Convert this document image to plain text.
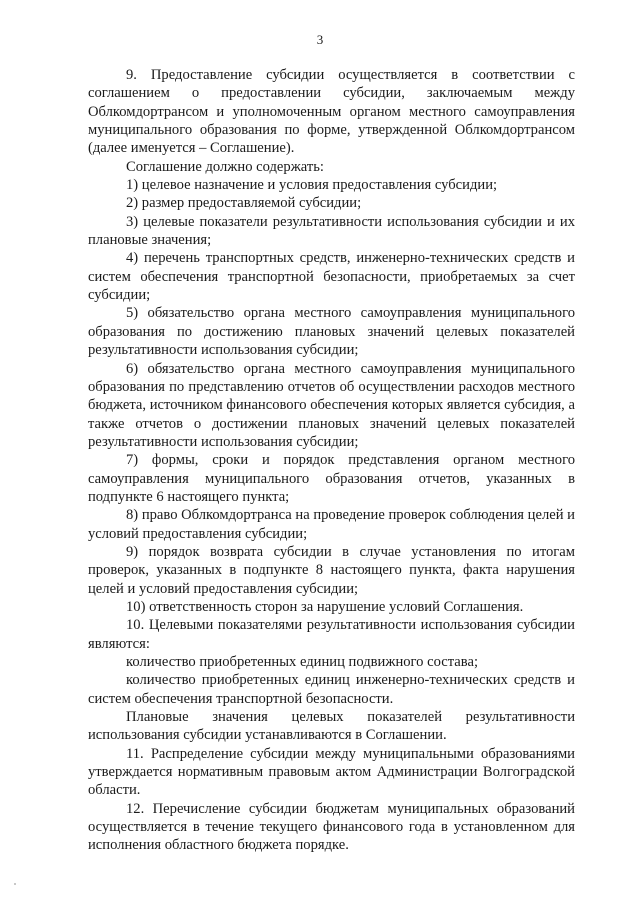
3

9. Предоставление субсидии осуществляется в соответствии с соглашением о предоставлении субсидии, заключаемым между Облкомдортрансом и уполномоченным органом местного самоуправления муниципального образования по форме, утвержденной Облкомдортрансом (далее именуется – Соглашение).

Соглашение должно содержать:

1) целевое назначение и условия предоставления субсидии;

2) размер предоставляемой субсидии;

3) целевые показатели результативности использования субсидии и их плановые значения;

4) перечень транспортных средств, инженерно-технических средств и систем обеспечения транспортной безопасности, приобретаемых за счет субсидии;

5) обязательство органа местного самоуправления муниципального образования по достижению плановых значений целевых показателей результативности использования субсидии;

6) обязательство органа местного самоуправления муниципального образования по представлению отчетов об осуществлении расходов местного бюджета, источником финансового обеспечения которых является субсидия, а также отчетов о достижении плановых значений целевых показателей результативности использования субсидии;

7) формы, сроки и порядок представления органом местного самоуправления муниципального образования отчетов, указанных в подпункте 6 настоящего пункта;

8) право Облкомдортранса на проведение проверок соблюдения целей и условий предоставления субсидии;

9) порядок возврата субсидии в случае установления по итогам проверок, указанных в подпункте 8 настоящего пункта, факта нарушения целей и условий предоставления субсидии;

10) ответственность сторон за нарушение условий Соглашения.

10. Целевыми показателями результативности использования субсидии являются:

количество приобретенных единиц подвижного состава;

количество приобретенных единиц инженерно-технических средств и систем обеспечения транспортной безопасности.

Плановые значения целевых показателей результативности использования субсидии устанавливаются в Соглашении.

11. Распределение субсидии между муниципальными образованиями утверждается нормативным правовым актом Администрации Волгоградской области.

12. Перечисление субсидии бюджетам муниципальных образований осуществляется в течение текущего финансового года в установленном для исполнения областного бюджета порядке.
